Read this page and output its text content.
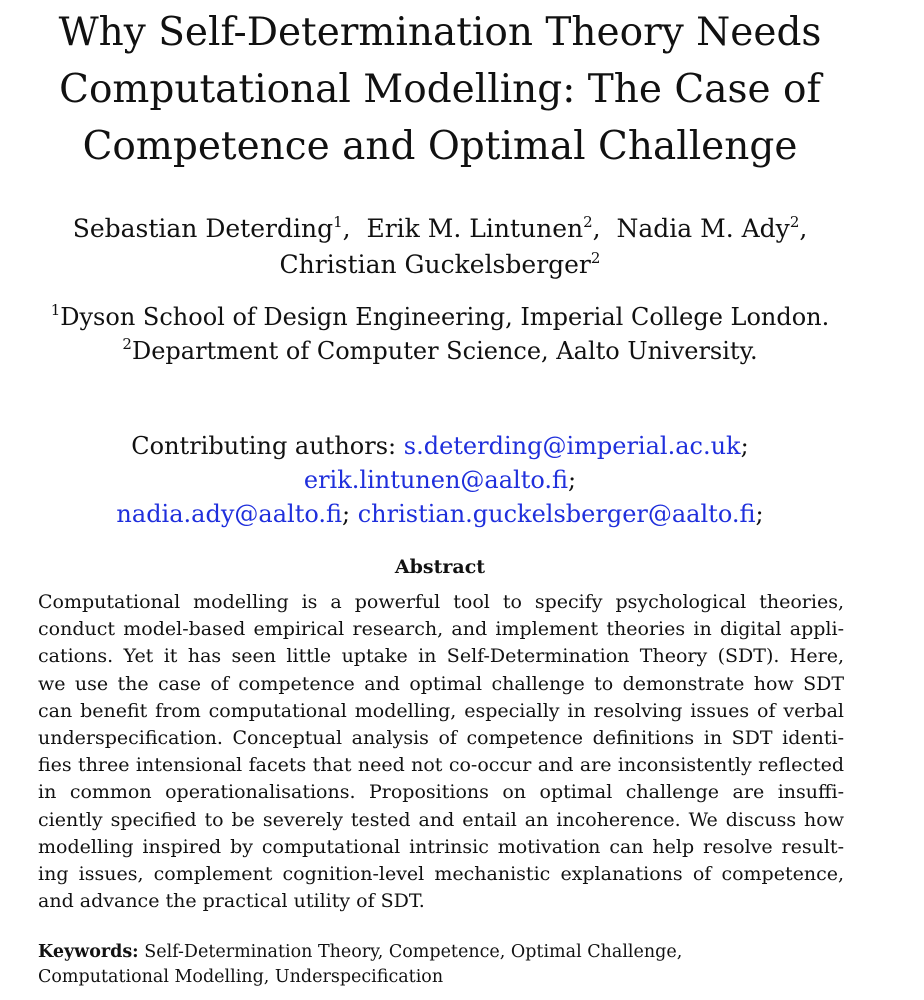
Why Self-Determination Theory Needs
Computational Modelling: The Case of
Competence and Optimal Challenge
Sebastian Deterding$^1$,  Erik M. Lintunen$^2$,  Nadia M. Ady$^2$,
Christian Guckelsberger$^2$
$^1$Dyson School of Design Engineering, Imperial College London.
$^2$Department of Computer Science, Aalto University.
Contributing authors: s.deterding@imperial.ac.uk; erik.lintunen@aalto.fi;
nadia.ady@aalto.fi; christian.guckelsberger@aalto.fi;
Abstract
Computational modelling is a powerful tool to specify psychological theories,
conduct model-based empirical research, and implement theories in digital appli-
cations. Yet it has seen little uptake in Self-Determination Theory (SDT). Here,
we use the case of competence and optimal challenge to demonstrate how SDT
can benefit from computational modelling, especially in resolving issues of verbal
underspecification. Conceptual analysis of competence definitions in SDT identi-
fies three intensional facets that need not co-occur and are inconsistently reflected
in common operationalisations. Propositions on optimal challenge are insuffi-
ciently specified to be severely tested and entail an incoherence. We discuss how
modelling inspired by computational intrinsic motivation can help resolve result-
ing issues, complement cognition-level mechanistic explanations of competence,
and advance the practical utility of SDT.
Keywords: Self-Determination Theory, Competence, Optimal Challenge,
Computational Modelling, Underspecification
